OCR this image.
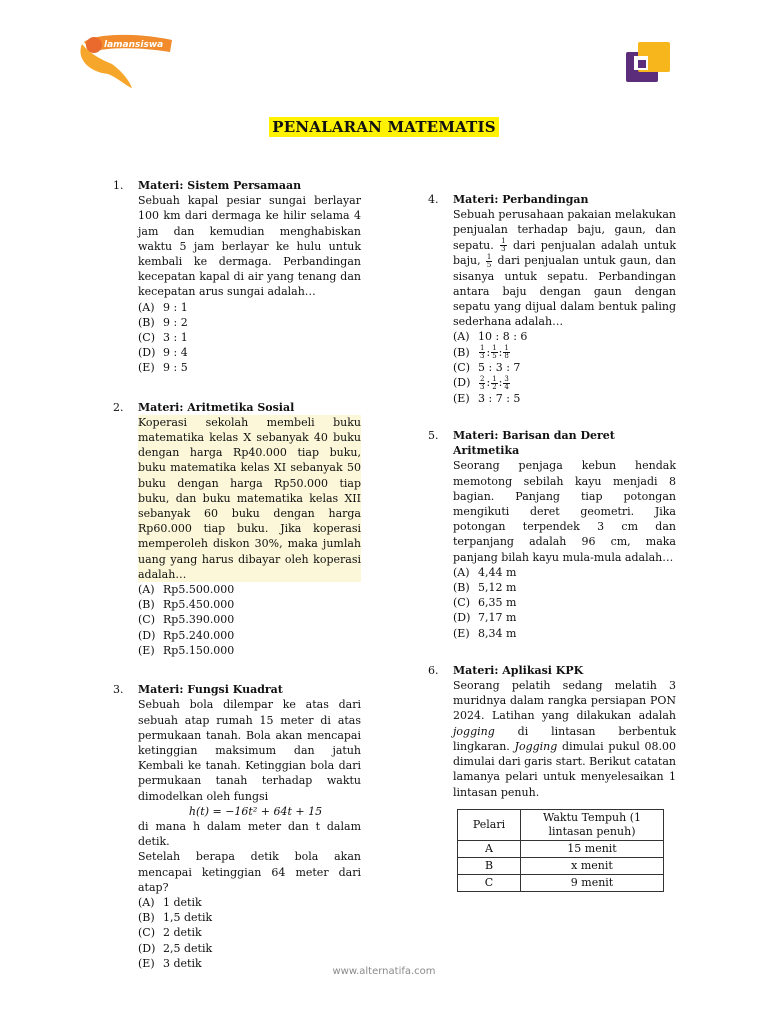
lamansiswa
PENALARAN MATEMATIS
1.	Materi: Sistem Persamaan
Sebuah kapal pesiar sungai berlayar 100 km dari dermaga ke hilir selama 4 jam dan kemudian menghabiskan waktu 5 jam berlayar ke hulu untuk kembali ke dermaga. Perbandingan kecepatan kapal di air yang tenang dan kecepatan arus sungai adalah…
(A) 9 : 1
(B) 9 : 2
(C) 3 : 1
(D) 9 : 4
(E) 9 : 5
2.	Materi: Aritmetika Sosial
Koperasi sekolah membeli buku matematika kelas X sebanyak 40 buku dengan harga Rp40.000 tiap buku, buku matematika kelas XI sebanyak 50 buku dengan harga Rp50.000 tiap buku, dan buku matematika kelas XII sebanyak 60 buku dengan harga Rp60.000 tiap buku. Jika koperasi memperoleh diskon 30%, maka jumlah uang yang harus dibayar oleh koperasi adalah…
(A) Rp5.500.000
(B) Rp5.450.000
(C) Rp5.390.000
(D) Rp5.240.000
(E) Rp5.150.000
3.	Materi: Fungsi Kuadrat
Sebuah bola dilempar ke atas dari sebuah atap rumah 15 meter di atas permukaan tanah. Bola akan mencapai ketinggian maksimum dan jatuh Kembali ke tanah. Ketinggian bola dari permukaan tanah terhadap waktu dimodelkan oleh fungsi
h(t) = −16t² + 64t + 15
di mana h dalam meter dan t dalam detik.
Setelah berapa detik bola akan mencapai ketinggian 64 meter dari atap?
(A) 1 detik
(B) 1,5 detik
(C) 2 detik
(D) 2,5 detik
(E) 3 detik
4.	Materi: Perbandingan
Sebuah perusahaan pakaian melakukan penjualan terhadap baju, gaun, dan sepatu. $\frac{1}{3}$ dari penjualan adalah untuk baju, $\frac{1}{5}$ dari penjualan untuk gaun, dan sisanya untuk sepatu. Perbandingan antara baju dengan gaun dengan sepatu yang dijual dalam bentuk paling sederhana adalah…
(A) 10 : 8 : 6
$(B) \frac{1}{3}$ : $\frac{1}{5}$ : $\frac{1}{8}$
(C) 5 : 3 : 7
$(D) \frac{2}{3}$ : $\frac{1}{2}$ : $\frac{3}{4}$
(E) 3 : 7 : 5
5.	Materi: Barisan dan Deret Aritmetika
Seorang penjaga kebun hendak memotong sebilah kayu menjadi 8 bagian. Panjang tiap potongan mengikuti deret geometri. Jika potongan terpendek 3 cm dan terpanjang adalah 96 cm, maka panjang bilah kayu mula-mula adalah…
(A) 4,44 m
(B) 5,12 m
(C) 6,35 m
(D) 7,17 m
(E) 8,34 m
6.	Materi: Aplikasi KPK
Seorang pelatih sedang melatih 3 muridnya dalam rangka persiapan PON 2024. Latihan yang dilakukan adalah jogging di lintasan berbentuk lingkaran. Jogging dimulai pukul 08.00 dimulai dari garis start. Berikut catatan lamanya pelari untuk menyelesaikan 1 lintasan penuh.
Pelari	Waktu Tempuh (1 lintasan penuh)
A	15 menit
B	x menit
C	9 menit
www.alternatifa.com
